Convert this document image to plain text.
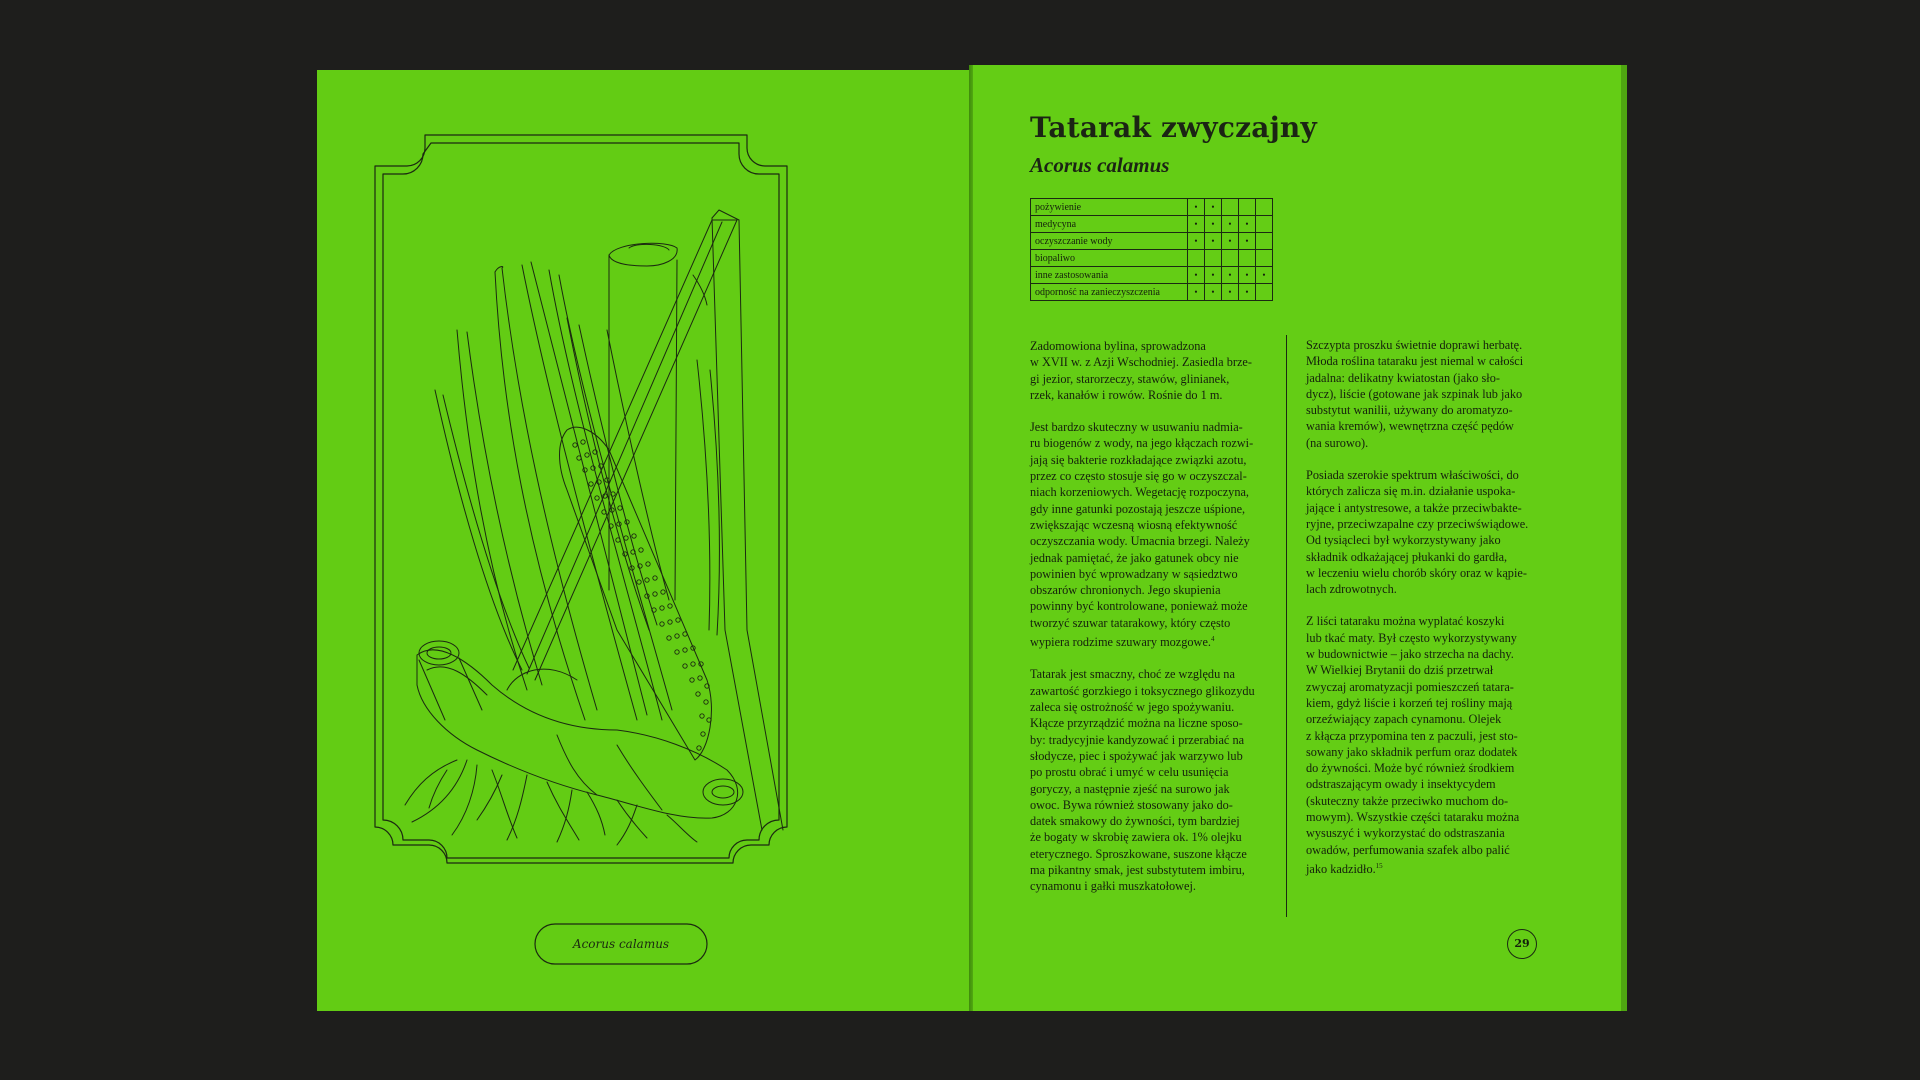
Acorus calamus
Tatarak zwyczajny
Acorus calamus
pożywienie	•	•			
medycyna	•	•	•	•	
oczyszczanie wody	•	•	•	•	
biopaliwo					
inne zastosowania	•	•	•	•	•
odporność na zanieczyszczenia	•	•	•	•	

Zadomowiona bylina, sprowadzona
w XVII w. z Azji Wschodniej. Zasiedla brze-
gi jezior, starorzeczy, stawów, glinianek,
rzek, kanałów i rowów. Rośnie do 1 m.

Jest bardzo skuteczny w usuwaniu nadmia-
ru biogenów z wody, na jego kłączach rozwi-
jają się bakterie rozkładające związki azotu,
przez co często stosuje się go w oczyszczal-
niach korzeniowych. Wegetację rozpoczyna,
gdy inne gatunki pozostają jeszcze uśpione,
zwiększając wczesną wiosną efektywność
oczyszczania wody. Umacnia brzegi. Należy
jednak pamiętać, że jako gatunek obcy nie
powinien być wprowadzany w sąsiedztwo
obszarów chronionych. Jego skupienia
powinny być kontrolowane, ponieważ może
tworzyć szuwar tatarakowy, który często
wypiera rodzime szuwary mozgowe.$^4$

Tatarak jest smaczny, choć ze względu na
zawartość gorzkiego i toksycznego glikozydu
zaleca się ostrożność w jego spożywaniu.
Kłącze przyrządzić można na liczne sposo-
by: tradycyjnie kandyzować i przerabiać na
słodycze, piec i spożywać jak warzywo lub
po prostu obrać i umyć w celu usunięcia
goryczy, a następnie zjeść na surowo jak
owoc. Bywa również stosowany jako do-
datek smakowy do żywności, tym bardziej
że bogaty w skrobię zawiera ok. 1% olejku
eterycznego. Sproszkowane, suszone kłącze
ma pikantny smak, jest substytutem imbiru,
cynamonu i gałki muszkatołowej.

Szczypta proszku świetnie doprawi herbatę.
Młoda roślina tataraku jest niemal w całości
jadalna: delikatny kwiatostan (jako sło-
dycz), liście (gotowane jak szpinak lub jako
substytut wanilii, używany do aromatyzo-
wania kremów), wewnętrzna część pędów
(na surowo).

Posiada szerokie spektrum właściwości, do
których zalicza się m.in. działanie uspoka-
jające i antystresowe, a także przeciwbakte-
ryjne, przeciwzapalne czy przeciwświądowe.
Od tysiącleci był wykorzystywany jako
składnik odkażającej płukanki do gardła,
w leczeniu wielu chorób skóry oraz w kąpie-
lach zdrowotnych.

Z liści tataraku można wyplatać koszyki
lub tkać maty. Był często wykorzystywany
w budownictwie – jako strzecha na dachy.
W Wielkiej Brytanii do dziś przetrwał
zwyczaj aromatyzacji pomieszczeń tatara-
kiem, gdyż liście i korzeń tej rośliny mają
orzeźwiający zapach cynamonu. Olejek
z kłącza przypomina ten z paczuli, jest sto-
sowany jako składnik perfum oraz dodatek
do żywności. Może być również środkiem
odstraszającym owady i insektycydem
(skuteczny także przeciwko muchom do-
mowym). Wszystkie części tataraku można
wysuszyć i wykorzystać do odstraszania
owadów, perfumowania szafek albo palić
jako kadzidło.$^{15}$

29
